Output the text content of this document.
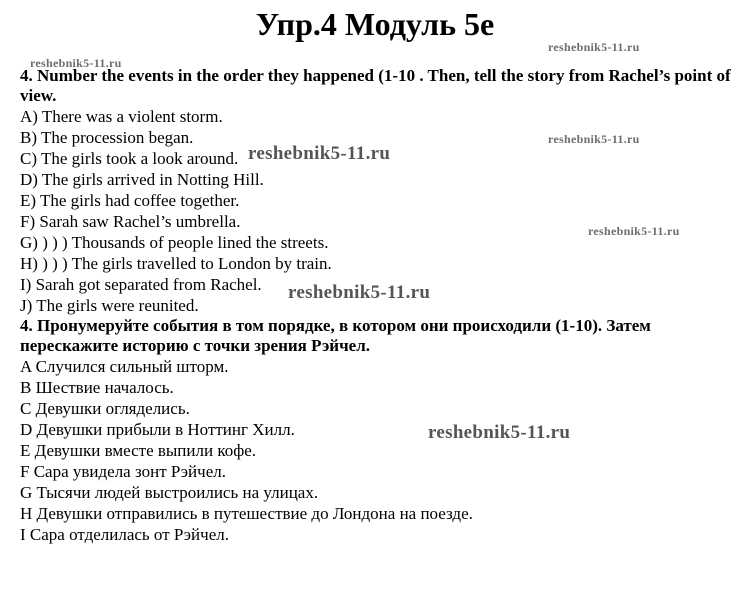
Упр.4 Модуль 5е
reshebnik5-11.ru
reshebnik5-11.ru
reshebnik5-11.ru
reshebnik5-11.ru
reshebnik5-11.ru
reshebnik5-11.ru
reshebnik5-11.ru

4. Number the events in the order they happened (1-10 . Then, tell the story from Rachel’s point of view.

A) There was a violent storm.

B) The procession began.

C) The girls took a look around.

D) The girls arrived in Notting Hill.

E) The girls had coffee together.

F) Sarah saw Rachel’s umbrella.

G) ) ) ) Thousands of people lined the streets.

H) ) ) ) The girls travelled to London by train.

I) Sarah got separated from Rachel.

J) The girls were reunited.

4. Пронумеруйте события в том порядке, в котором они происходили (1-10). Затем перескажите историю с точки зрения Рэйчел.

A Случился сильный шторм.

B Шествие началось.

C Девушки огляделись.

D Девушки прибыли в Ноттинг Хилл.

E Девушки вместе выпили кофе.

F Сара увидела зонт Рэйчел.

G Тысячи людей выстроились на улицах.

H Девушки отправились в путешествие до Лондона на поезде.

I Сара отделилась от Рэйчел.
